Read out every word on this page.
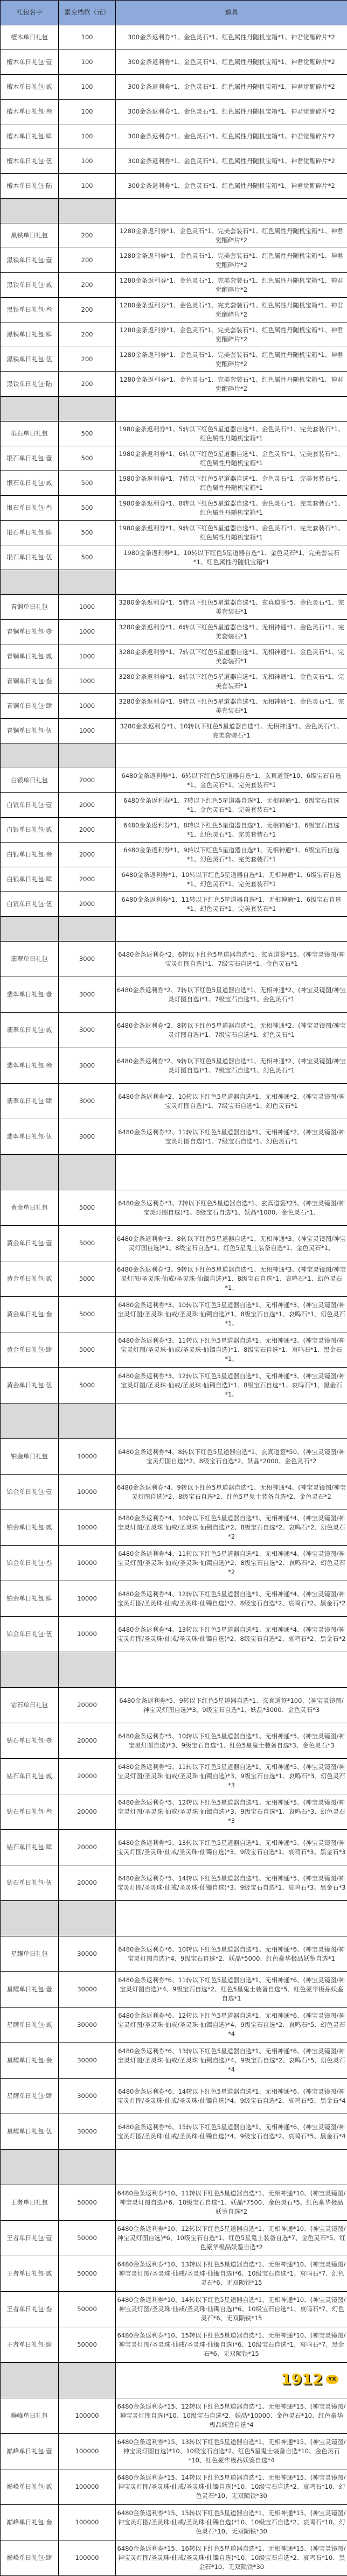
礼包名字	累充档位（元）	道具
檀木单日礼包	100	300金条返利券*1、金色灵石*1、红色属性丹随机宝箱*1、神君觉醒碎片*2
檀木单日礼包·壹	100	300金条返利券*1、金色灵石*1、红色属性丹随机宝箱*1、神君觉醒碎片*2
檀木单日礼包·贰	100	300金条返利券*1、金色灵石*1、红色属性丹随机宝箱*1、神君觉醒碎片*2
檀木单日礼包·叁	100	300金条返利券*1、金色灵石*1、红色属性丹随机宝箱*1、神君觉醒碎片*2
檀木单日礼包·肆	100	300金条返利券*1、金色灵石*1、红色属性丹随机宝箱*1、神君觉醒碎片*2
檀木单日礼包·伍	100	300金条返利券*1、金色灵石*1、红色属性丹随机宝箱*1、神君觉醒碎片*2
檀木单日礼包·陆	100	300金条返利券*1、金色灵石*1、红色属性丹随机宝箱*1、神君觉醒碎片*2

黑铁单日礼包	200	1280金条返利券*1、金色灵石*1、完美套装石*1、红色属性丹随机宝箱*1、神君觉醒碎片*2
黑铁单日礼包·壹	200	1280金条返利券*1、金色灵石*1、完美套装石*1、红色属性丹随机宝箱*1、神君觉醒碎片*2
黑铁单日礼包·贰	200	1280金条返利券*1、金色灵石*1、完美套装石*1、红色属性丹随机宝箱*1、神君觉醒碎片*2
黑铁单日礼包·叁	200	1280金条返利券*1、金色灵石*1、完美套装石*1、红色属性丹随机宝箱*1、神君觉醒碎片*2
黑铁单日礼包·肆	200	1280金条返利券*1、金色灵石*1、完美套装石*1、红色属性丹随机宝箱*1、神君觉醒碎片*2
黑铁单日礼包·伍	200	1280金条返利券*1、金色灵石*1、完美套装石*1、红色属性丹随机宝箱*1、神君觉醒碎片*2
黑铁单日礼包·陆	200	1280金条返利券*1、金色灵石*1、完美套装石*1、红色属性丹随机宝箱*1、神君觉醒碎片*2

垠石单日礼包	500	1980金条返利券*1、5转以下红色5星道器自选*1、金色灵石*1、完美套装石*1、红色属性丹随机宝箱*1
垠石单日礼包·壹	500	1980金条返利券*1、6转以下红色5星道器自选*1、金色灵石*1、完美套装石*1、红色属性丹随机宝箱*1
垠石单日礼包·贰	500	1980金条返利券*1、7转以下红色5星道器自选*1、金色灵石*1、完美套装石*1、红色属性丹随机宝箱*1
垠石单日礼包·叁	500	1980金条返利券*1、8转以下红色5星道器自选*1、金色灵石*1、完美套装石*1、红色属性丹随机宝箱*1
垠石单日礼包·肆	500	1980金条返利券*1、9转以下红色5星道器自选*1、金色灵石*1、完美套装石*1、红色属性丹随机宝箱*1
垠石单日礼包·伍	500	1980金条返利券*1、10转以下红色5星道器自选*1、金色灵石*1、完美套装石*1、红色属性丹随机宝箱*1

青铜单日礼包	1000	3280金条返利券*1、5转以下红色5星道器自选*1、玄真道签*5、金色灵石*1、完美套装石*1
青铜单日礼包·壹	1000	3280金条返利券*1、6转以下红色5星道器自选*1、无相神通*1、金色灵石*1、完美套装石*1
青铜单日礼包·贰	1000	3280金条返利券*1、7转以下红色5星道器自选*1、无相神通*1、金色灵石*1、完美套装石*1
青铜单日礼包·叁	1000	3280金条返利券*1、8转以下红色5星道器自选*1、无相神通*1、金色灵石*1、完美套装石*1
青铜单日礼包·肆	1000	3280金条返利券*1、9转以下红色5星道器自选*1、无相神通*1、金色灵石*1、完美套装石*1
青铜单日礼包·伍	1000	3280金条返利券*1、10转以下红色5星道器自选*1、无相神通*1、金色灵石*1、完美套装石*1

白银单日礼包	2000	6480金条返利券*1、6转以下红色5星道器自选*1、玄真道签*10、6级宝石自选*1、金色灵石*1、完美套装石*1
白银单日礼包·壹	2000	6480金条返利券*1、7转以下红色5星道器自选*1、无相神通*1、6级宝石自选*1、金色灵石*1、完美套装石*1
白银单日礼包·贰	2000	6480金条返利券*1、8转以下红色5星道器自选*1、无相神通*1、6级宝石自选*1、幻色灵石*1、完美套装石*1
白银单日礼包·叁	2000	6480金条返利券*1、9转以下红色5星道器自选*1、无相神通*1、6级宝石自选*1、幻色灵石*1、完美套装石*1
白银单日礼包·肆	2000	6480金条返利券*1、10转以下红色5星道器自选*1、无相神通*1、6级宝石自选*1、幻色灵石*1、完美套装石*1
白银单日礼包·伍	2000	6480金条返利券*1、11转以下红色5星道器自选*1、无相神通*1、6级宝石自选*1、幻色灵石*1、完美套装石*1

翡翠单日礼包	3000	6480金条返利券*2、6转以下红色5星道器自选*1、玄真道签*15、(神宝灵镜图/神宝灵灯图自选)*1、7级宝石自选*1、金色灵石*1
翡翠单日礼包·壹	3000	6480金条返利券*2、7转以下红色5星道器自选*1、无相神通*2、(神宝灵镜图/神宝灵灯图自选)*1、7级宝石自选*1、金色灵石*1
翡翠单日礼包·贰	3000	6480金条返利券*2、8转以下红色5星道器自选*1、无相神通*2、(神宝灵镜图/神宝灵灯图自选)*1、7级宝石自选*1、幻色灵石*1
翡翠单日礼包·叁	3000	6480金条返利券*2、9转以下红色5星道器自选*1、无相神通*2、(神宝灵镜图/神宝灵灯图自选)*1、7级宝石自选*1、幻色灵石*1
翡翠单日礼包·肆	3000	6480金条返利券*2、10转以下红色5星道器自选*1、无相神通*2、(神宝灵镜图/神宝灵灯图自选)*1、7级宝石自选*1、幻色灵石*1
翡翠单日礼包·伍	3000	6480金条返利券*2、11转以下红色5星道器自选*1、无相神通*2、(神宝灵镜图/神宝灵灯图自选)*1、7级宝石自选*1、幻色灵石*1

黄金单日礼包	5000	6480金条返利券*3、7转以下红色5星道器自选*1、玄真道签*25、(神宝灵镜图/神宝灵灯图自选)*1、8级宝石自选*1、妖晶*1000、金色灵石*1、
黄金单日礼包·壹	5000	6480金条返利券*3、8转以下红色5星道器自选*1、无相神通*3、(神宝灵镜图/神宝灵灯图自选)*1、8级宝石自选*1、红色5星鬼士装备自选*1、金色灵石*1、
黄金单日礼包·贰	5000	6480金条返利券*3、9转以下红色5星道器自选*1、无相神通*3、(神宝灵镜图/神宝灵灯图/圣灵珠·仙戒/圣灵珠·仙镯自选)*1、8级宝石自选*1、哀鸣石*1、幻色灵石*1、
黄金单日礼包·叁	5000	6480金条返利券*3、10转以下红色5星道器自选*1、无相神通*3、(神宝灵镜图/神宝灵灯图/圣灵珠·仙戒/圣灵珠·仙镯自选)*1、8级宝石自选*1、哀鸣石*1、幻色灵石*1、
黄金单日礼包·肆	5000	6480金条返利券*3、11转以下红色5星道器自选*1、无相神通*3、(神宝灵镜图/神宝灵灯图/圣灵珠·仙戒/圣灵珠·仙镯自选)*1、8级宝石自选*1、哀鸣石*1、黑金石*1、
黄金单日礼包·伍	5000	6480金条返利券*3、12转以下红色5星道器自选*1、无相神通*3、(神宝灵镜图/神宝灵灯图/圣灵珠·仙戒/圣灵珠·仙镯自选)*1、8级宝石自选*1、哀鸣石*1、黑金石*1、

铂金单日礼包	10000	6480金条返利券*4、8转以下红色5星道器自选*1、玄真道签*50、(神宝灵镜图/神宝灵灯图自选)*2、8级宝石自选*2、妖晶*2000、金色灵石*2
铂金单日礼包·壹	10000	6480金条返利券*4、9转以下红色5星道器自选*1、无相神通*4、(神宝灵镜图/神宝灵灯图自选)*2、8级宝石自选*2、红色5星鬼士装备自选*2、金色灵石*2
铂金单日礼包·贰	10000	6480金条返利券*4、10转以下红色5星道器自选*1、无相神通*4、(神宝灵镜图/神宝灵灯图/圣灵珠·仙戒/圣灵珠·仙镯自选)*2、8级宝石自选*2、哀鸣石*2、幻色灵石*2
铂金单日礼包·叁	10000	6480金条返利券*4、11转以下红色5星道器自选*1、无相神通*4、(神宝灵镜图/神宝灵灯图/圣灵珠·仙戒/圣灵珠·仙镯自选)*2、8级宝石自选*2、哀鸣石*2、幻色灵石*2
铂金单日礼包·肆	10000	6480金条返利券*4、12转以下红色5星道器自选*1、无相神通*4、(神宝灵镜图/神宝灵灯图/圣灵珠·仙戒/圣灵珠·仙镯自选)*2、8级宝石自选*2、哀鸣石*2、黑金石*2
铂金单日礼包·伍	10000	6480金条返利券*4、13转以下红色5星道器自选*1、无相神通*4、(神宝灵镜图/神宝灵灯图/圣灵珠·仙戒/圣灵珠·仙镯自选)*2、8级宝石自选*2、哀鸣石*2、黑金石*2

钻石单日礼包	20000	6480金条返利券*5、9转以下红色5星道器自选*1、玄真道签*100、(神宝灵镜图/神宝灵灯图自选)*3、9级宝石自选*1、妖晶*3000、金色灵石*3
钻石单日礼包·壹	20000	6480金条返利券*5、10转以下红色5星道器自选*1、无相神通*5、(神宝灵镜图/神宝灵灯图自选)*3、9级宝石自选*1、红色5星鬼士装备自选*3、金色灵石*3
钻石单日礼包·贰	20000	6480金条返利券*5、11转以下红色5星道器自选*1、无相神通*5、(神宝灵镜图/神宝灵灯图/圣灵珠·仙戒/圣灵珠·仙镯自选)*3、9级宝石自选*1、哀鸣石*3、幻色灵石*3
钻石单日礼包·叁	20000	6480金条返利券*5、12转以下红色5星道器自选*1、无相神通*5、(神宝灵镜图/神宝灵灯图/圣灵珠·仙戒/圣灵珠·仙镯自选)*3、9级宝石自选*1、哀鸣石*3、幻色灵石*3
钻石单日礼包·肆	20000	6480金条返利券*5、13转以下红色5星道器自选*1、无相神通*5、(神宝灵镜图/神宝灵灯图/圣灵珠·仙戒/圣灵珠·仙镯自选)*3、9级宝石自选*1、哀鸣石*3、黑金石*3
钻石单日礼包·伍	20000	6480金条返利券*5、14转以下红色5星道器自选*1、无相神通*5、(神宝灵镜图/神宝灵灯图/圣灵珠·仙戒/圣灵珠·仙镯自选)*3、9级宝石自选*1、哀鸣石*3、黑金石*3

星耀单日礼包	30000	6480金条返利券*6、10转以下红色5星道器自选*1、无相神通*6、(神宝灵镜图/神宝灵灯图自选)*4、9级宝石自选*2、妖晶*5000、红色豪华极品妖鉴自选*1
星耀单日礼包·壹	30000	6480金条返利券*6、11转以下红色5星道器自选*1、无相神通*6、(神宝灵镜图/神宝灵灯图自选)*4、9级宝石自选*2、红色5星鬼士装备自选*5、红色豪华极品妖鉴自选*1
星耀单日礼包·贰	30000	6480金条返利券*6、12转以下红色5星道器自选*1、无相神通*6、(神宝灵镜图/神宝灵灯图/圣灵珠·仙戒/圣灵珠·仙镯自选)*4、9级宝石自选*2、哀鸣石*5、幻色灵石*4
星耀单日礼包·叁	30000	6480金条返利券*6、13转以下红色5星道器自选*1、无相神通*6、(神宝灵镜图/神宝灵灯图/圣灵珠·仙戒/圣灵珠·仙镯自选)*4、9级宝石自选*2、哀鸣石*5、幻色灵石*4
星耀单日礼包·肆	30000	6480金条返利券*6、14转以下红色5星道器自选*1、无相神通*6、(神宝灵镜图/神宝灵灯图/圣灵珠·仙戒/圣灵珠·仙镯自选)*4、9级宝石自选*2、哀鸣石*5、黑金石*4
星耀单日礼包·伍	30000	6480金条返利券*6、15转以下红色5星道器自选*1、无相神通*6、(神宝灵镜图/神宝灵灯图/圣灵珠·仙戒/圣灵珠·仙镯自选)*4、9级宝石自选*2、哀鸣石*5、黑金石*4

王者单日礼包	50000	6480金条返利券*10、11转以下红色5星道器自选*1、无相神通*10、(神宝灵镜图/神宝灵灯图自选)*6、10级宝石自选*1、妖晶*7500、金色灵石*5、红色豪华极品妖鉴自选*2
王者单日礼包·壹	50000	6480金条返利券*10、12转以下红色5星道器自选*1、无相神通*10、(神宝灵镜图/神宝灵灯图自选)*6、10级宝石自选*1、红色5星鬼士装备自选*7、金色灵石*5、红色豪华极品妖鉴自选*2
王者单日礼包·贰	50000	6480金条返利券*10、13转以下红色5星道器自选*1、无相神通*10、(神宝灵镜图/神宝灵灯图/圣灵珠·仙戒/圣灵珠·仙镯自选)*6、10级宝石自选*1、哀鸣石*7、幻色灵石*6、无双陨铁*15
王者单日礼包·叁	50000	6480金条返利券*10、14转以下红色5星道器自选*1、无相神通*10、(神宝灵镜图/神宝灵灯图/圣灵珠·仙戒/圣灵珠·仙镯自选)*6、10级宝石自选*1、哀鸣石*7、幻色灵石*6、无双陨铁*15
王者单日礼包·肆	50000	6480金条返利券*10、15转以下红色5星道器自选*1、无相神通*10、(神宝灵镜图/神宝灵灯图/圣灵珠·仙戒/圣灵珠·仙镯自选)*6、10级宝石自选*1、哀鸣石*7、黑金石*6、无双陨铁*15

巅峰单日礼包	100000	6480金条返利券*15、12转以下红色5星道器自选*1、无相神通*15、(神宝灵镜图/神宝灵灯图自选)*10、10级宝石自选*2、妖晶*10000、金色灵石*10、红色豪华极品妖鉴自选*4
巅峰单日礼包·壹	100000	6480金条返利券*15、13转以下红色5星道器自选*1、无相神通*15、(神宝灵镜图/神宝灵灯图自选)*10、10级宝石自选*2、红色5星鬼士装备自选*10、金色灵石*10、红色豪华极品妖鉴自选*4
巅峰单日礼包·贰	100000	6480金条返利券*15、14转以下红色5星道器自选*1、无相神通*15、(神宝灵镜图/神宝灵灯图/圣灵珠·仙戒/圣灵珠·仙镯自选)*10、10级宝石自选*2、哀鸣石*10、幻色灵石*10、无双陨铁*30
巅峰单日礼包·叁	100000	6480金条返利券*15、15转以下红色5星道器自选*1、无相神通*15、(神宝灵镜图/神宝灵灯图/圣灵珠·仙戒/圣灵珠·仙镯自选)*10、10级宝石自选*2、哀鸣石*10、幻色灵石*10、无双陨铁*30
巅峰单日礼包·肆	100000	6480金条返利券*15、16转以下红色5星道器自选*1、无相神通*15、(神宝灵镜图/神宝灵灯图/圣灵珠·仙戒/圣灵珠·仙镯自选)*10、10级宝石自选*2、哀鸣石*10、黑金石*10、无双陨铁*30
1912	YX
